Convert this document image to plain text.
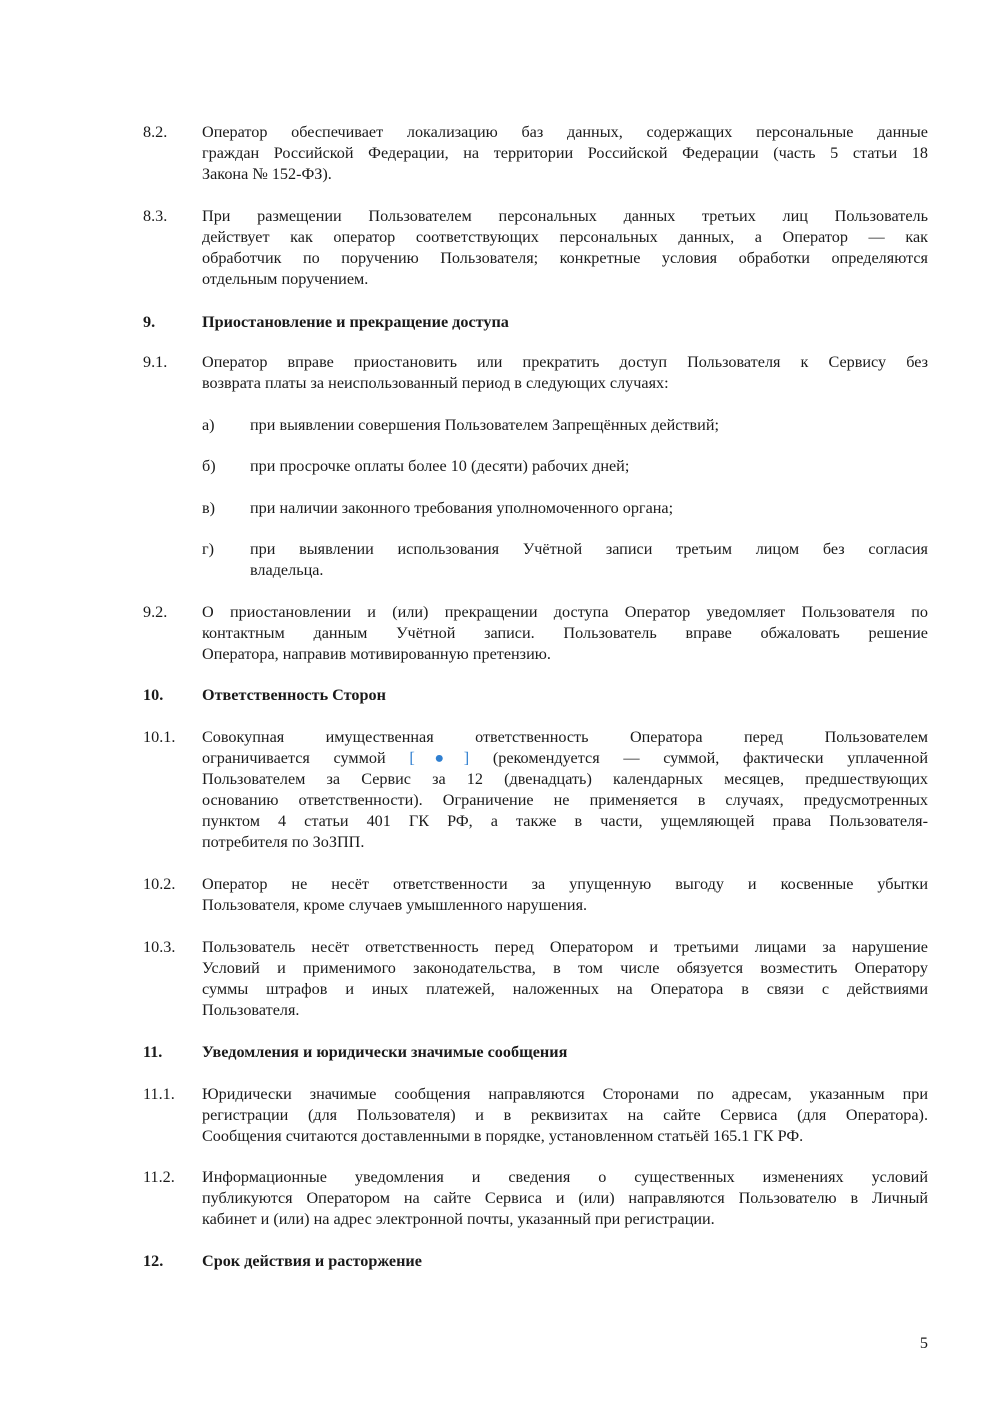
8.2.	Оператор обеспечивает локализацию баз данных, содержащих персональные данные
граждан Российской Федерации, на территории Российской Федерации (часть 5 статьи 18
Закона № 152-ФЗ).
8.3.	При размещении Пользователем персональных данных третьих лиц Пользователь
действует как оператор соответствующих персональных данных, а Оператор — как
обработчик по поручению Пользователя; конкретные условия обработки определяются
отдельным поручением.
9.	Приостановление и прекращение доступа
9.1.	Оператор вправе приостановить или прекратить доступ Пользователя к Сервису без
возврата платы за неиспользованный период в следующих случаях:
а)	при выявлении совершения Пользователем Запрещённых действий;
б)	при просрочке оплаты более 10 (десяти) рабочих дней;
в)	при наличии законного требования уполномоченного органа;
г)	при выявлении использования Учётной записи третьим лицом без согласия
владельца.
9.2.	О приостановлении и (или) прекращении доступа Оператор уведомляет Пользователя по
контактным данным Учётной записи. Пользователь вправе обжаловать решение
Оператора, направив мотивированную претензию.
10.	Ответственность Сторон
10.1.	Совокупная имущественная ответственность Оператора перед Пользователем
ограничивается суммой [●] (рекомендуется — суммой, фактически уплаченной
Пользователем за Сервис за 12 (двенадцать) календарных месяцев, предшествующих
основанию ответственности). Ограничение не применяется в случаях, предусмотренных
пунктом 4 статьи 401 ГК РФ, а также в части, ущемляющей права Пользователя-
потребителя по ЗоЗПП.
10.2.	Оператор не несёт ответственности за упущенную выгоду и косвенные убытки
Пользователя, кроме случаев умышленного нарушения.
10.3.	Пользователь несёт ответственность перед Оператором и третьими лицами за нарушение
Условий и применимого законодательства, в том числе обязуется возместить Оператору
суммы штрафов и иных платежей, наложенных на Оператора в связи с действиями
Пользователя.
11.	Уведомления и юридически значимые сообщения
11.1.	Юридически значимые сообщения направляются Сторонами по адресам, указанным при
регистрации (для Пользователя) и в реквизитах на сайте Сервиса (для Оператора).
Сообщения считаются доставленными в порядке, установленном статьёй 165.1 ГК РФ.
11.2.	Информационные уведомления и сведения о существенных изменениях условий
публикуются Оператором на сайте Сервиса и (или) направляются Пользователю в Личный
кабинет и (или) на адрес электронной почты, указанный при регистрации.
12.	Срок действия и расторжение
5
